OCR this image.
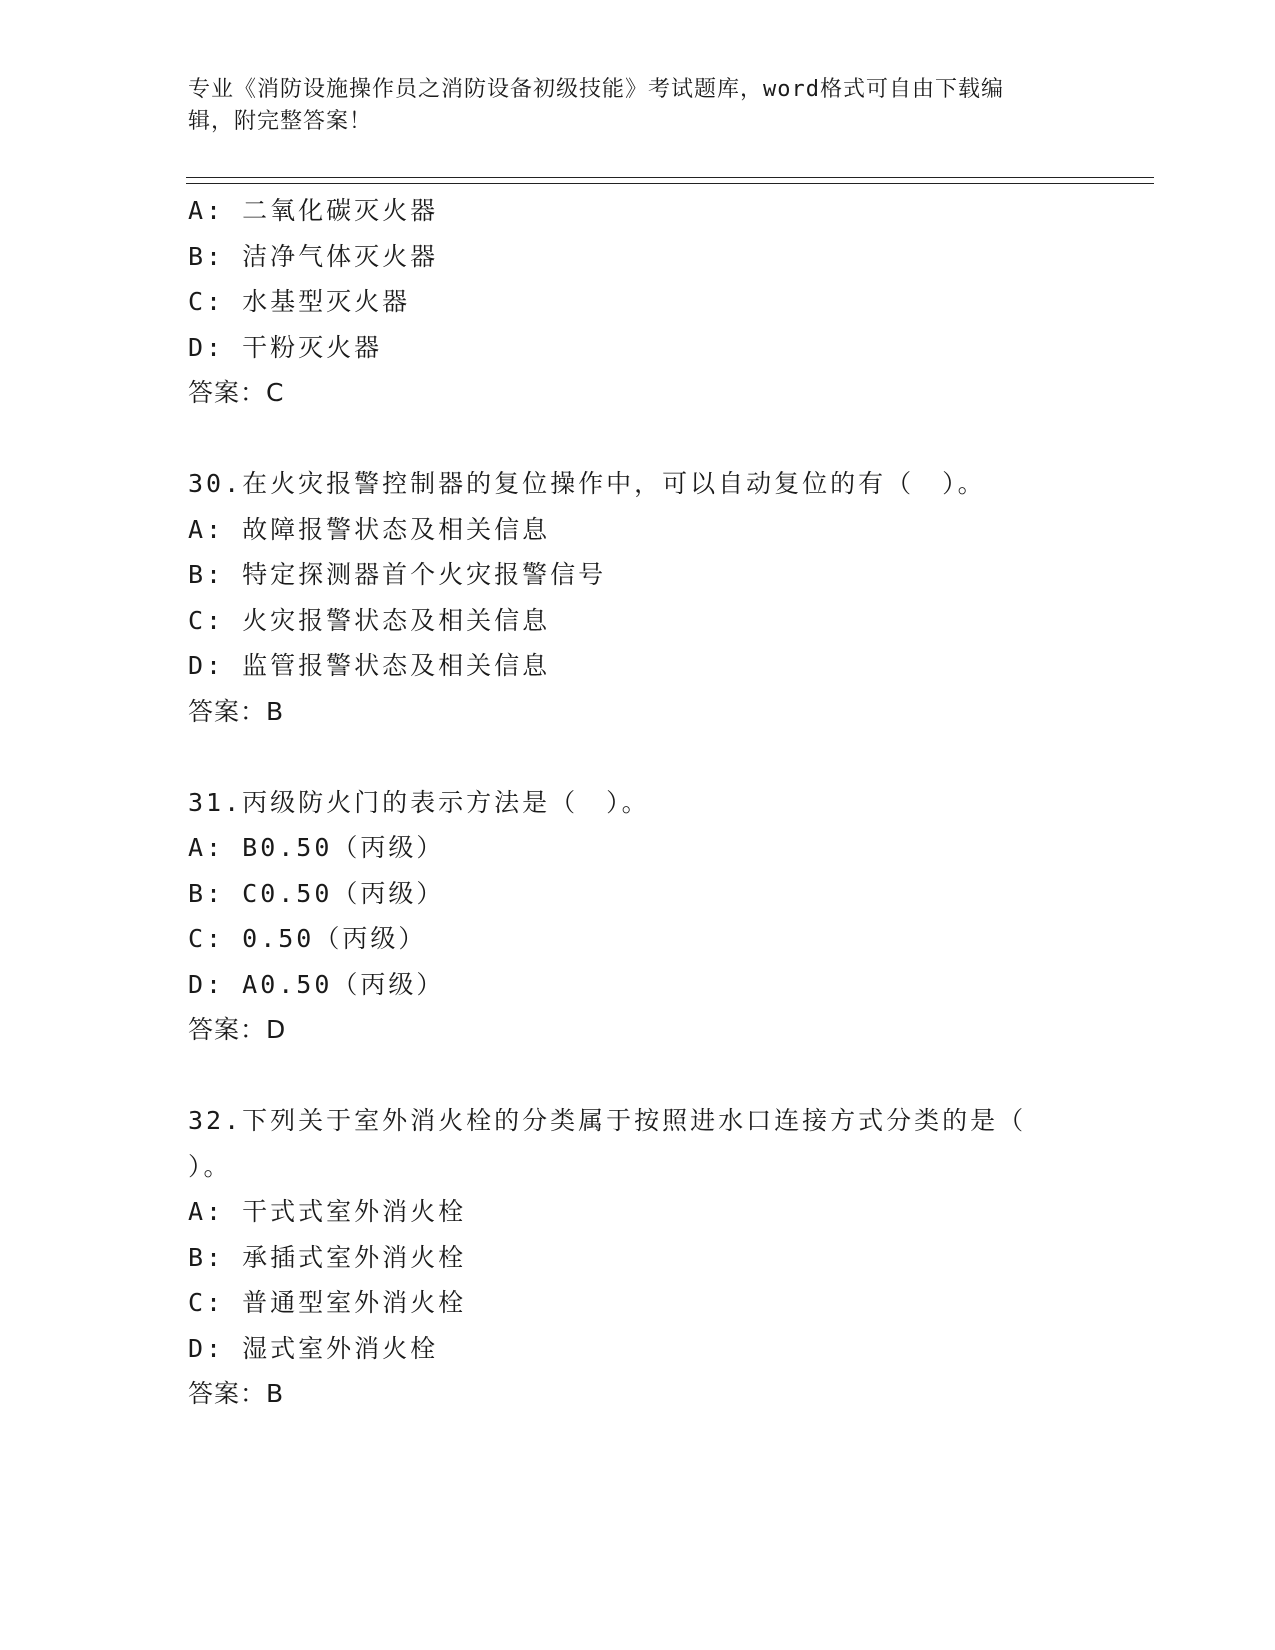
专业《消防设施操作员之消防设备初级技能》考试题库，word格式可自由下载编
辑，附完整答案！
A: 二氧化碳灭火器
B: 洁净气体灭火器
C: 水基型灭火器
D: 干粉灭火器
答案：C
30.在火灾报警控制器的复位操作中，可以自动复位的有（　）。
A: 故障报警状态及相关信息
B: 特定探测器首个火灾报警信号
C: 火灾报警状态及相关信息
D: 监管报警状态及相关信息
答案：B
31.丙级防火门的表示方法是（　）。
A: B0.50（丙级）
B: C0.50（丙级）
C: 0.50（丙级）
D: A0.50（丙级）
答案：D
32.下列关于室外消火栓的分类属于按照进水口连接方式分类的是（
）。
A: 干式式室外消火栓
B: 承插式室外消火栓
C: 普通型室外消火栓
D: 湿式室外消火栓
答案：B
